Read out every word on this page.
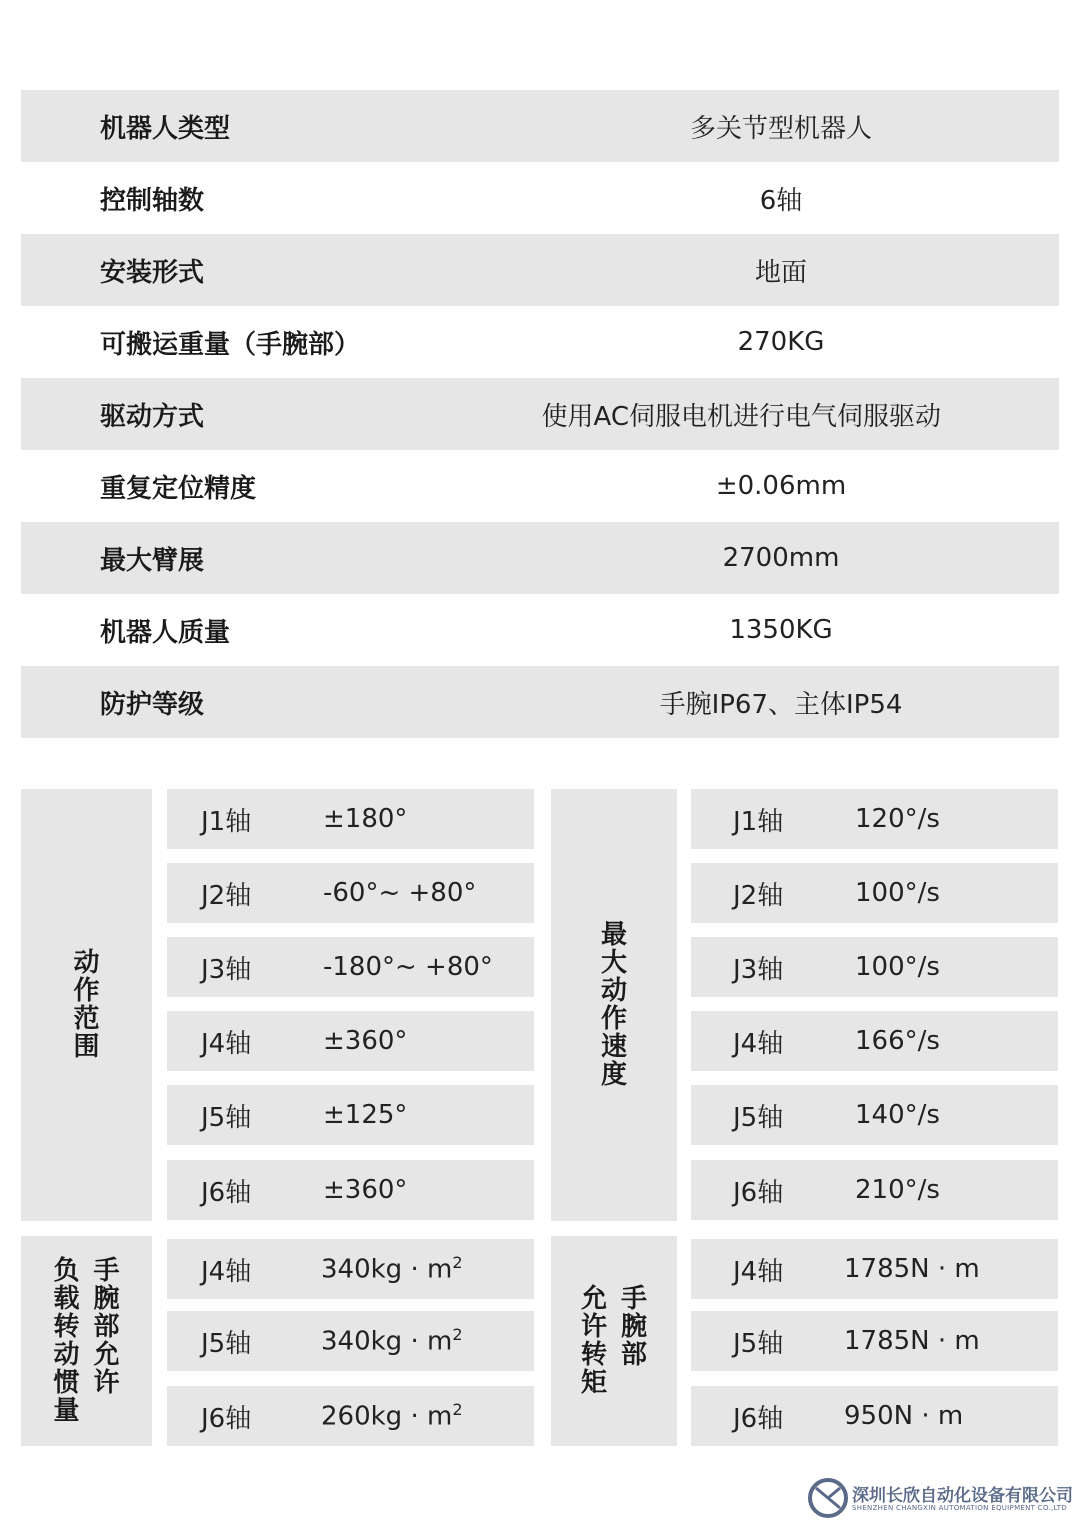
机器人类型	多关节型机器人
控制轴数	6轴
安装形式	地面
可搬运重量（手腕部）	270KG
驱动方式	使用AC伺服电机进行电气伺服驱动
重复定位精度	±0.06mm
最大臂展	2700mm
机器人质量	1350KG
防护等级	手腕IP67、主体IP54
动作范围
J1轴	±180°
J2轴	-60°~ +80°
J3轴	-180°~ +80°
J4轴	±360°
J5轴	±125°
J6轴	±360°
最大动作速度
J1轴	120°/s
J2轴	100°/s
J3轴	100°/s
J4轴	166°/s
J5轴	140°/s
J6轴	210°/s
手腕部允许
负载转动惯量
J4轴	$340kg \cdot m^2$
J5轴	$340kg \cdot m^2$
J6轴	$260kg \cdot m^2$
手腕部
允许转矩
J4轴 1785N · m
J5轴 1785N · m
J6轴 950N · m
深圳长欣自动化设备有限公司
SHENZHEN CHANGXIN AUTOMATION EQUIPMENT CO.,LTD
